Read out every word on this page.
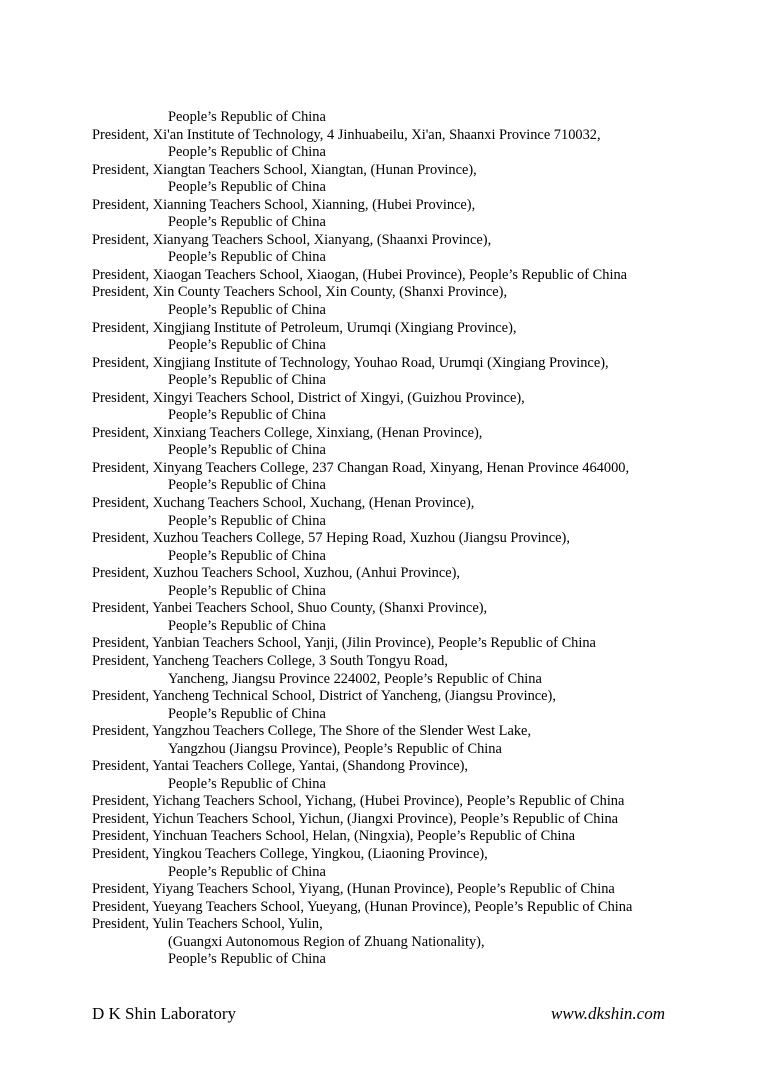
People’s Republic of China
President, Xi'an Institute of Technology, 4 Jinhuabeilu, Xi'an, Shaanxi Province 710032,
People’s Republic of China
President, Xiangtan Teachers School, Xiangtan, (Hunan Province),
People’s Republic of China
President, Xianning Teachers School, Xianning, (Hubei Province),
People’s Republic of China
President, Xianyang Teachers School, Xianyang, (Shaanxi Province),
People’s Republic of China
President, Xiaogan Teachers School, Xiaogan, (Hubei Province), People’s Republic of China
President, Xin County Teachers School, Xin County, (Shanxi Province),
People’s Republic of China
President, Xingjiang Institute of Petroleum, Urumqi (Xingiang Province),
People’s Republic of China
President, Xingjiang Institute of Technology, Youhao Road, Urumqi (Xingiang Province),
People’s Republic of China
President, Xingyi Teachers School, District of Xingyi, (Guizhou Province),
People’s Republic of China
President, Xinxiang Teachers College, Xinxiang, (Henan Province),
People’s Republic of China
President, Xinyang Teachers College, 237 Changan Road, Xinyang, Henan Province 464000,
People’s Republic of China
President, Xuchang Teachers School, Xuchang, (Henan Province),
People’s Republic of China
President, Xuzhou Teachers College, 57 Heping Road, Xuzhou (Jiangsu Province),
People’s Republic of China
President, Xuzhou Teachers School, Xuzhou, (Anhui Province),
People’s Republic of China
President, Yanbei Teachers School, Shuo County, (Shanxi Province),
People’s Republic of China
President, Yanbian Teachers School, Yanji, (Jilin Province), People’s Republic of China
President, Yancheng Teachers College, 3 South Tongyu Road,
Yancheng, Jiangsu Province 224002, People’s Republic of China
President, Yancheng Technical School, District of Yancheng, (Jiangsu Province),
People’s Republic of China
President, Yangzhou Teachers College, The Shore of the Slender West Lake,
Yangzhou (Jiangsu Province), People’s Republic of China
President, Yantai Teachers College, Yantai, (Shandong Province),
People’s Republic of China
President, Yichang Teachers School, Yichang, (Hubei Province), People’s Republic of China
President, Yichun Teachers School, Yichun, (Jiangxi Province), People’s Republic of China
President, Yinchuan Teachers School, Helan, (Ningxia), People’s Republic of China
President, Yingkou Teachers College, Yingkou, (Liaoning Province),
People’s Republic of China
President, Yiyang Teachers School, Yiyang, (Hunan Province), People’s Republic of China
President, Yueyang Teachers School, Yueyang, (Hunan Province), People’s Republic of China
President, Yulin Teachers School, Yulin,
(Guangxi Autonomous Region of Zhuang Nationality),
People’s Republic of China
D K Shin Laboratory	www.dkshin.com
